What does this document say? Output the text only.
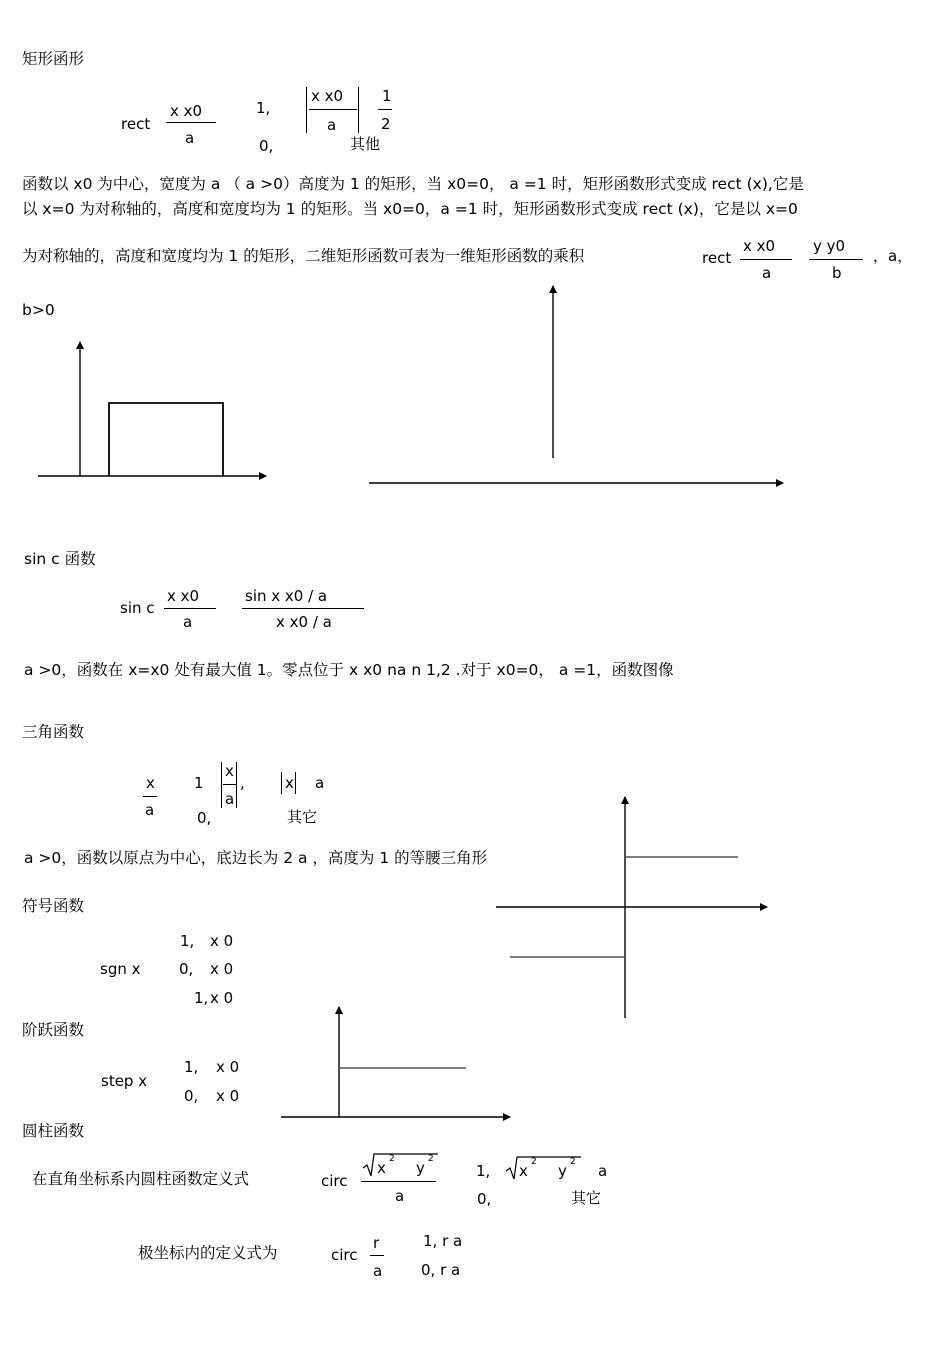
矩形函形
rect
x x0
a
1,
x x0
a
1
2
0,	其他
函数以 x0 为中心，宽度为 a （ a >0）高度为 1 的矩形，当 x0=0， a =1 时，矩形函数形式变成 rect (x),它是
以 x=0 为对称轴的，高度和宽度均为 1 的矩形。当 x0=0，a =1 时，矩形函数形式变成 rect (x)，它是以 x=0
为对称轴的，高度和宽度均为 1 的矩形，二维矩形函数可表为一维矩形函数的乘积	rect
x x0
a
y y0
b
，a，
b>0
sin c 函数
sin c
x x0
a
sin x x0 / a
x x0 / a
a >0，函数在 x=x0 处有最大值 1。零点位于 x x0 na n 1,2 .对于 x0=0， a =1，函数图像
三角函数
x
a
1
x
a
,	x a
0,	其它
a >0，函数以原点为中心，底边长为 2 a ，高度为 1 的等腰三角形
符号函数
sgn x
1, x 0
0, x 0
1, x 0
阶跃函数
step x
1, x 0
0, x 0
圆柱函数
在直角坐标系内圆柱函数定义式	circ
x 2 y 2
a
1, x 2 y 2 a
0,	其它
极坐标内的定义式为	circ
r
a
1, r a
0, r a
